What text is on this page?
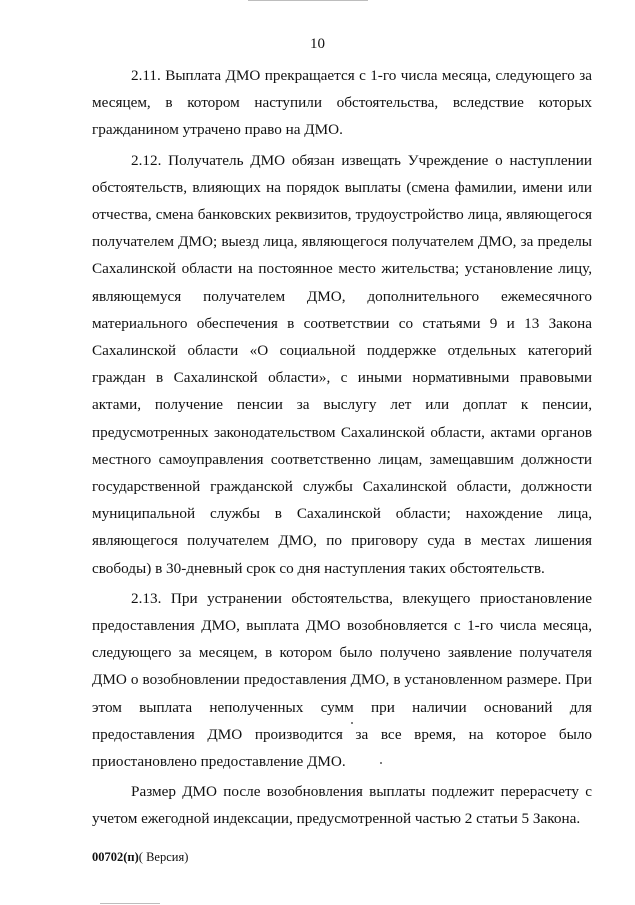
10

2.11. Выплата ДМО прекращается с 1-го числа месяца, следующего за месяцем, в котором наступили обстоятельства, вследствие которых гражданином утрачено право на ДМО.

2.12. Получатель ДМО обязан извещать Учреждение о наступлении обстоятельств, влияющих на порядок выплаты (смена фамилии, имени или отчества, смена банковских реквизитов, трудоустройство лица, являющегося получателем ДМО; выезд лица, являющегося получателем ДМО, за пределы Сахалинской области на постоянное место жительства; установление лицу, являющемуся получателем ДМО, дополнительного ежемесячного материального обеспечения в соответствии со статьями 9 и 13 Закона Сахалинской области «О социальной поддержке отдельных категорий граждан в Сахалинской области», с иными нормативными правовыми актами, получение пенсии за выслугу лет или доплат к пенсии, предусмотренных законодательством Сахалинской области, актами органов местного самоуправления соответственно лицам, замещавшим должности государственной гражданской службы Сахалинской области, должности муниципальной службы в Сахалинской области; нахождение лица, являющегося получателем ДМО, по приговору суда в местах лишения свободы) в 30-дневный срок со дня наступления таких обстоятельств.

2.13. При устранении обстоятельства, влекущего приостановление предоставления ДМО, выплата ДМО возобновляется с 1-го числа месяца, следующего за месяцем, в котором было получено заявление получателя ДМО о возобновлении предоставления ДМО, в установленном размере. При этом выплата неполученных сумм при наличии оснований для предоставления ДМО производится за все время, на которое было приостановлено предоставление ДМО.

Размер ДМО после возобновления выплаты подлежит перерасчету с учетом ежегодной индексации, предусмотренной частью 2 статьи 5 Закона.

00702(п)( Версия)
